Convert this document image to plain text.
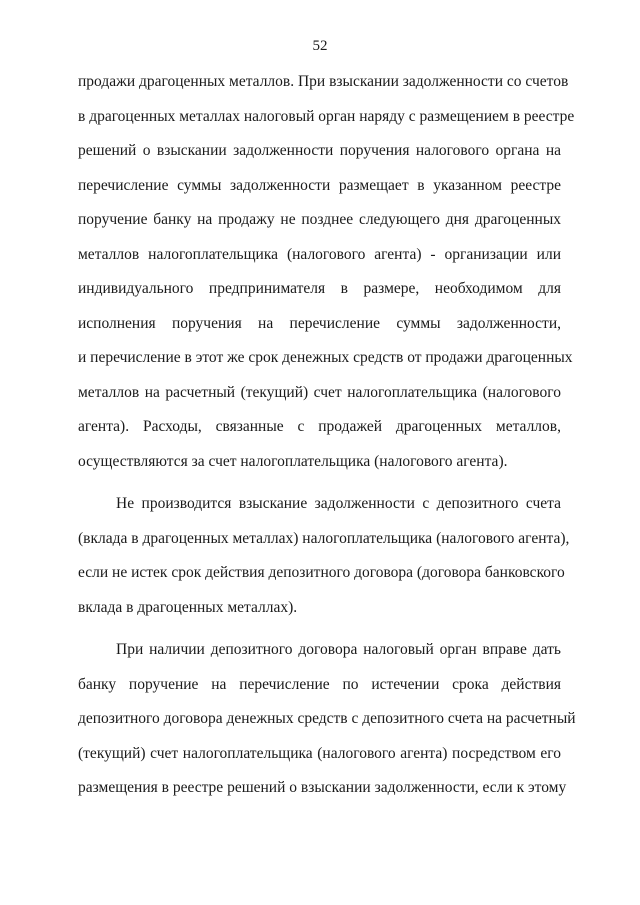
52
продажи драгоценных металлов. При взыскании задолженности со счетов
в драгоценных металлах налоговый орган наряду с размещением в реестре
решений о взыскании задолженности поручения налогового органа на
перечисление суммы задолженности размещает в указанном реестре
поручение банку на продажу не позднее следующего дня драгоценных
металлов налогоплательщика (налогового агента) - организации или
индивидуального предпринимателя в размере, необходимом для
исполнения поручения на перечисление суммы задолженности,
и перечисление в этот же срок денежных средств от продажи драгоценных
металлов на расчетный (текущий) счет налогоплательщика (налогового
агента). Расходы, связанные с продажей драгоценных металлов,
осуществляются за счет налогоплательщика (налогового агента).
Не производится взыскание задолженности с депозитного счета
(вклада в драгоценных металлах) налогоплательщика (налогового агента),
если не истек срок действия депозитного договора (договора банковского
вклада в драгоценных металлах).
При наличии депозитного договора налоговый орган вправе дать
банку поручение на перечисление по истечении срока действия
депозитного договора денежных средств с депозитного счета на расчетный
(текущий) счет налогоплательщика (налогового агента) посредством его
размещения в реестре решений о взыскании задолженности, если к этому
